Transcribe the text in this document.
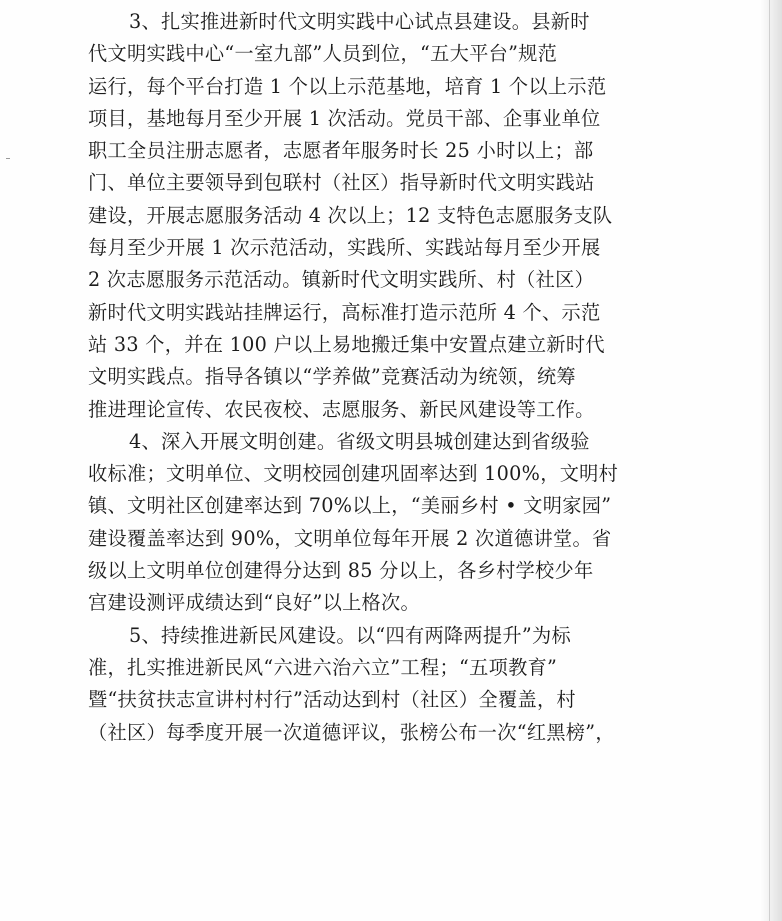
3、扎实推进新时代文明实践中心试点县建设。县新时
代文明实践中心“一室九部”人员到位，“五大平台”规范
运行，每个平台打造 1 个以上示范基地，培育 1 个以上示范
项目，基地每月至少开展 1 次活动。党员干部、企事业单位
职工全员注册志愿者，志愿者年服务时长 25 小时以上；部
门、单位主要领导到包联村（社区）指导新时代文明实践站
建设，开展志愿服务活动 4 次以上；12 支特色志愿服务支队
每月至少开展 1 次示范活动，实践所、实践站每月至少开展
2 次志愿服务示范活动。镇新时代文明实践所、村（社区）
新时代文明实践站挂牌运行，高标准打造示范所 4 个、示范
站 33 个，并在 100 户以上易地搬迁集中安置点建立新时代
文明实践点。指导各镇以“学养做”竞赛活动为统领，统筹
推进理论宣传、农民夜校、志愿服务、新民风建设等工作。
4、深入开展文明创建。省级文明县城创建达到省级验
收标准；文明单位、文明校园创建巩固率达到 100%，文明村
镇、文明社区创建率达到 70%以上，“美丽乡村 • 文明家园”
建设覆盖率达到 90%，文明单位每年开展 2 次道德讲堂。省
级以上文明单位创建得分达到 85 分以上，各乡村学校少年
宫建设测评成绩达到“良好”以上格次。
5、持续推进新民风建设。以“四有两降两提升”为标
准，扎实推进新民风“六进六治六立”工程；“五项教育”
暨“扶贫扶志宣讲村村行”活动达到村（社区）全覆盖，村
（社区）每季度开展一次道德评议，张榜公布一次“红黑榜”，
